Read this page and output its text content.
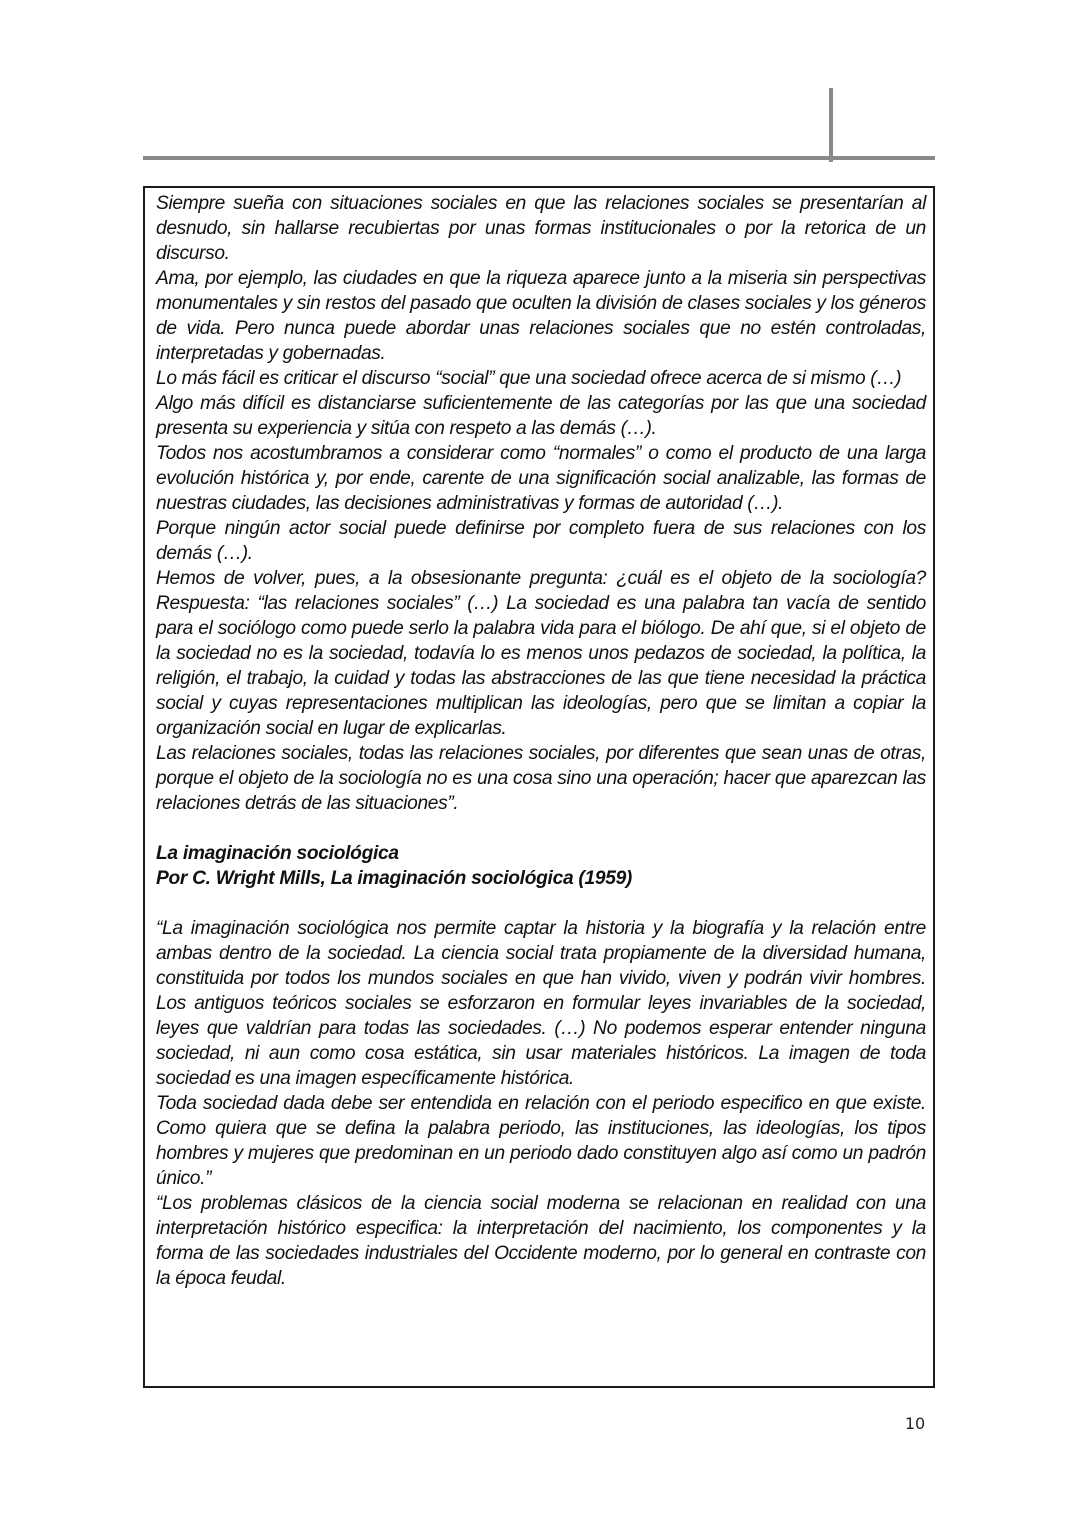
Siempre sueña con situaciones sociales en que las relaciones sociales se presentarían al desnudo, sin hallarse recubiertas por unas formas institucionales o por la retorica de un discurso.

Ama, por ejemplo, las ciudades en que la riqueza aparece junto a la miseria sin perspectivas monumentales y sin restos del pasado que oculten la división de clases sociales y los géneros de vida. Pero nunca puede abordar unas relaciones sociales que no estén controladas, interpretadas y gobernadas.

Lo más fácil es criticar el discurso “social” que una sociedad ofrece acerca de si mismo (…)

Algo más difícil es distanciarse suficientemente de las categorías por las que una sociedad presenta su experiencia y sitúa con respeto a las demás (…).

Todos nos acostumbramos a considerar como “normales” o como el producto de una larga evolución histórica y, por ende, carente de una significación social analizable, las formas de nuestras ciudades, las decisiones administrativas y formas de autoridad (…).

Porque ningún actor social puede definirse por completo fuera de sus relaciones con los demás (…).

Hemos de volver, pues, a la obsesionante pregunta: ¿cuál es el objeto de la sociología? Respuesta: “las relaciones sociales” (…) La sociedad es una palabra tan vacía de sentido para el sociólogo como puede serlo la palabra vida para el biólogo. De ahí que, si el objeto de la sociedad no es la sociedad, todavía lo es menos unos pedazos de sociedad, la política, la religión, el trabajo, la cuidad y todas las abstracciones de las que tiene necesidad la práctica social y cuyas representaciones multiplican las ideologías, pero que se limitan a copiar la organización social en lugar de explicarlas.

Las relaciones sociales, todas las relaciones sociales, por diferentes que sean unas de otras, porque el objeto de la sociología no es una cosa sino una operación; hacer que aparezcan las relaciones detrás de las situaciones”.

La imaginación sociológica

Por C. Wright Mills, La imaginación sociológica (1959)

“La imaginación sociológica nos permite captar la historia y la biografía y la relación entre ambas dentro de la sociedad. La ciencia social trata propiamente de la diversidad humana, constituida por todos los mundos sociales en que han vivido, viven y podrán vivir hombres. Los antiguos teóricos sociales se esforzaron en formular leyes invariables de la sociedad, leyes que valdrían para todas las sociedades. (…) No podemos esperar entender ninguna sociedad, ni aun como cosa estática, sin usar materiales históricos. La imagen de toda sociedad es una imagen específicamente histórica.

Toda sociedad dada debe ser entendida en relación con el periodo especifico en que existe. Como quiera que se defina la palabra periodo, las instituciones, las ideologías, los tipos hombres y mujeres que predominan en un periodo dado constituyen algo así como un padrón único.”

“Los problemas clásicos de la ciencia social moderna se relacionan en realidad con una interpretación histórico especifica: la interpretación del nacimiento, los componentes y la forma de las sociedades industriales del Occidente moderno, por lo general en contraste con la época feudal.

10
